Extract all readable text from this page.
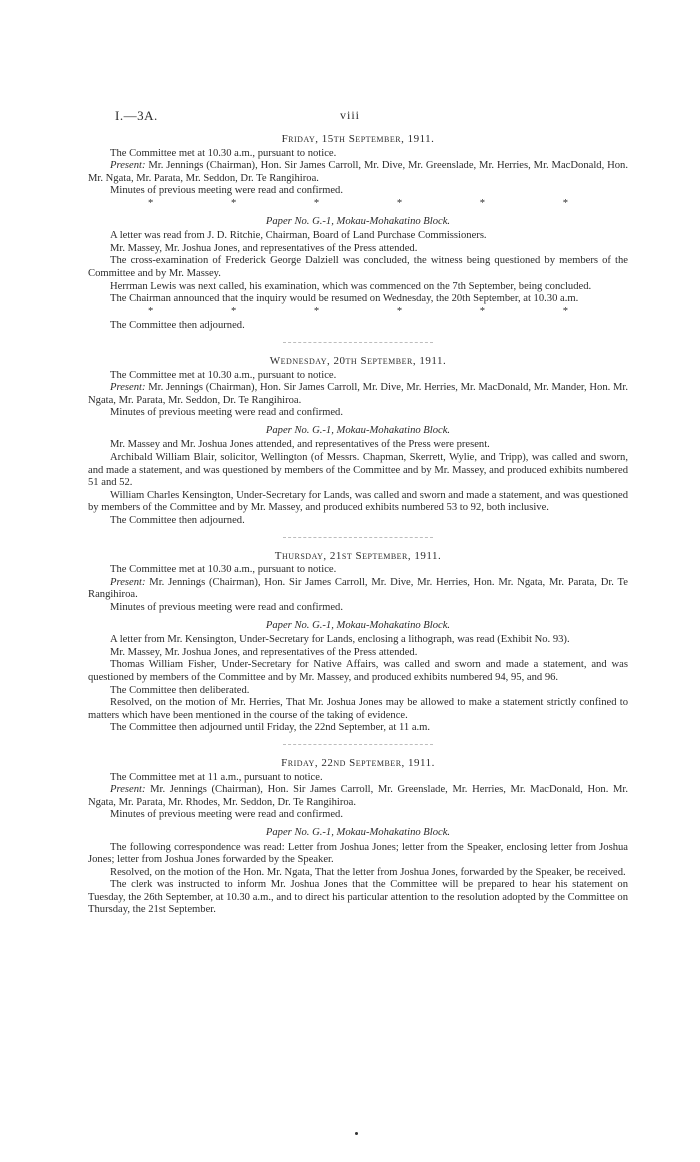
I.—3A.	viii
Friday, 15th September, 1911.

The Committee met at 10.30 a.m., pursuant to notice.

Present: Mr. Jennings (Chairman), Hon. Sir James Carroll, Mr. Dive, Mr. Greenslade, Mr. Herries, Mr. MacDonald, Hon. Mr. Ngata, Mr. Parata, Mr. Seddon, Dr. Te Rangihiroa.

Minutes of previous meeting were read and confirmed.

*	*	*	*	*	*
Paper No. G.-1, Mokau-Mohakatino Block.

A letter was read from J. D. Ritchie, Chairman, Board of Land Purchase Commissioners.

Mr. Massey, Mr. Joshua Jones, and representatives of the Press attended.

The cross-examination of Frederick George Dalziell was concluded, the witness being questioned by members of the Committee and by Mr. Massey.

Herrman Lewis was next called, his examination, which was commenced on the 7th September, being concluded.

The Chairman announced that the inquiry would be resumed on Wednesday, the 20th September, at 10.30 a.m.

*	*	*	*	*	*

The Committee then adjourned.

Wednesday, 20th September, 1911.

The Committee met at 10.30 a.m., pursuant to notice.

Present: Mr. Jennings (Chairman), Hon. Sir James Carroll, Mr. Dive, Mr. Herries, Mr. MacDonald, Mr. Mander, Hon. Mr. Ngata, Mr. Parata, Mr. Seddon, Dr. Te Rangihiroa.

Minutes of previous meeting were read and confirmed.

Paper No. G.-1, Mokau-Mohakatino Block.

Mr. Massey and Mr. Joshua Jones attended, and representatives of the Press were present.

Archibald William Blair, solicitor, Wellington (of Messrs. Chapman, Skerrett, Wylie, and Tripp), was called and sworn, and made a statement, and was questioned by members of the Committee and by Mr. Massey, and produced exhibits numbered 51 and 52.

William Charles Kensington, Under-Secretary for Lands, was called and sworn and made a statement, and was questioned by members of the Committee and by Mr. Massey, and produced exhibits numbered 53 to 92, both inclusive.

The Committee then adjourned.

Thursday, 21st September, 1911.

The Committee met at 10.30 a.m., pursuant to notice.

Present: Mr. Jennings (Chairman), Hon. Sir James Carroll, Mr. Dive, Mr. Herries, Hon. Mr. Ngata, Mr. Parata, Dr. Te Rangihiroa.

Minutes of previous meeting were read and confirmed.

Paper No. G.-1, Mokau-Mohakatino Block.

A letter from Mr. Kensington, Under-Secretary for Lands, enclosing a lithograph, was read (Exhibit No. 93).

Mr. Massey, Mr. Joshua Jones, and representatives of the Press attended.

Thomas William Fisher, Under-Secretary for Native Affairs, was called and sworn and made a statement, and was questioned by members of the Committee and by Mr. Massey, and produced exhibits numbered 94, 95, and 96.

The Committee then deliberated.

Resolved, on the motion of Mr. Herries, That Mr. Joshua Jones may be allowed to make a statement strictly confined to matters which have been mentioned in the course of the taking of evidence.

The Committee then adjourned until Friday, the 22nd September, at 11 a.m.

Friday, 22nd September, 1911.

The Committee met at 11 a.m., pursuant to notice.

Present: Mr. Jennings (Chairman), Hon. Sir James Carroll, Mr. Greenslade, Mr. Herries, Mr. MacDonald, Hon. Mr. Ngata, Mr. Parata, Mr. Rhodes, Mr. Seddon, Dr. Te Rangihiroa.

Minutes of previous meeting were read and confirmed.

Paper No. G.-1, Mokau-Mohakatino Block.

The following correspondence was read: Letter from Joshua Jones; letter from the Speaker, enclosing letter from Joshua Jones; letter from Joshua Jones forwarded by the Speaker.

Resolved, on the motion of the Hon. Mr. Ngata, That the letter from Joshua Jones, forwarded by the Speaker, be received.

The clerk was instructed to inform Mr. Joshua Jones that the Committee will be prepared to hear his statement on Tuesday, the 26th September, at 10.30 a.m., and to direct his particular attention to the resolution adopted by the Committee on Thursday, the 21st September.
